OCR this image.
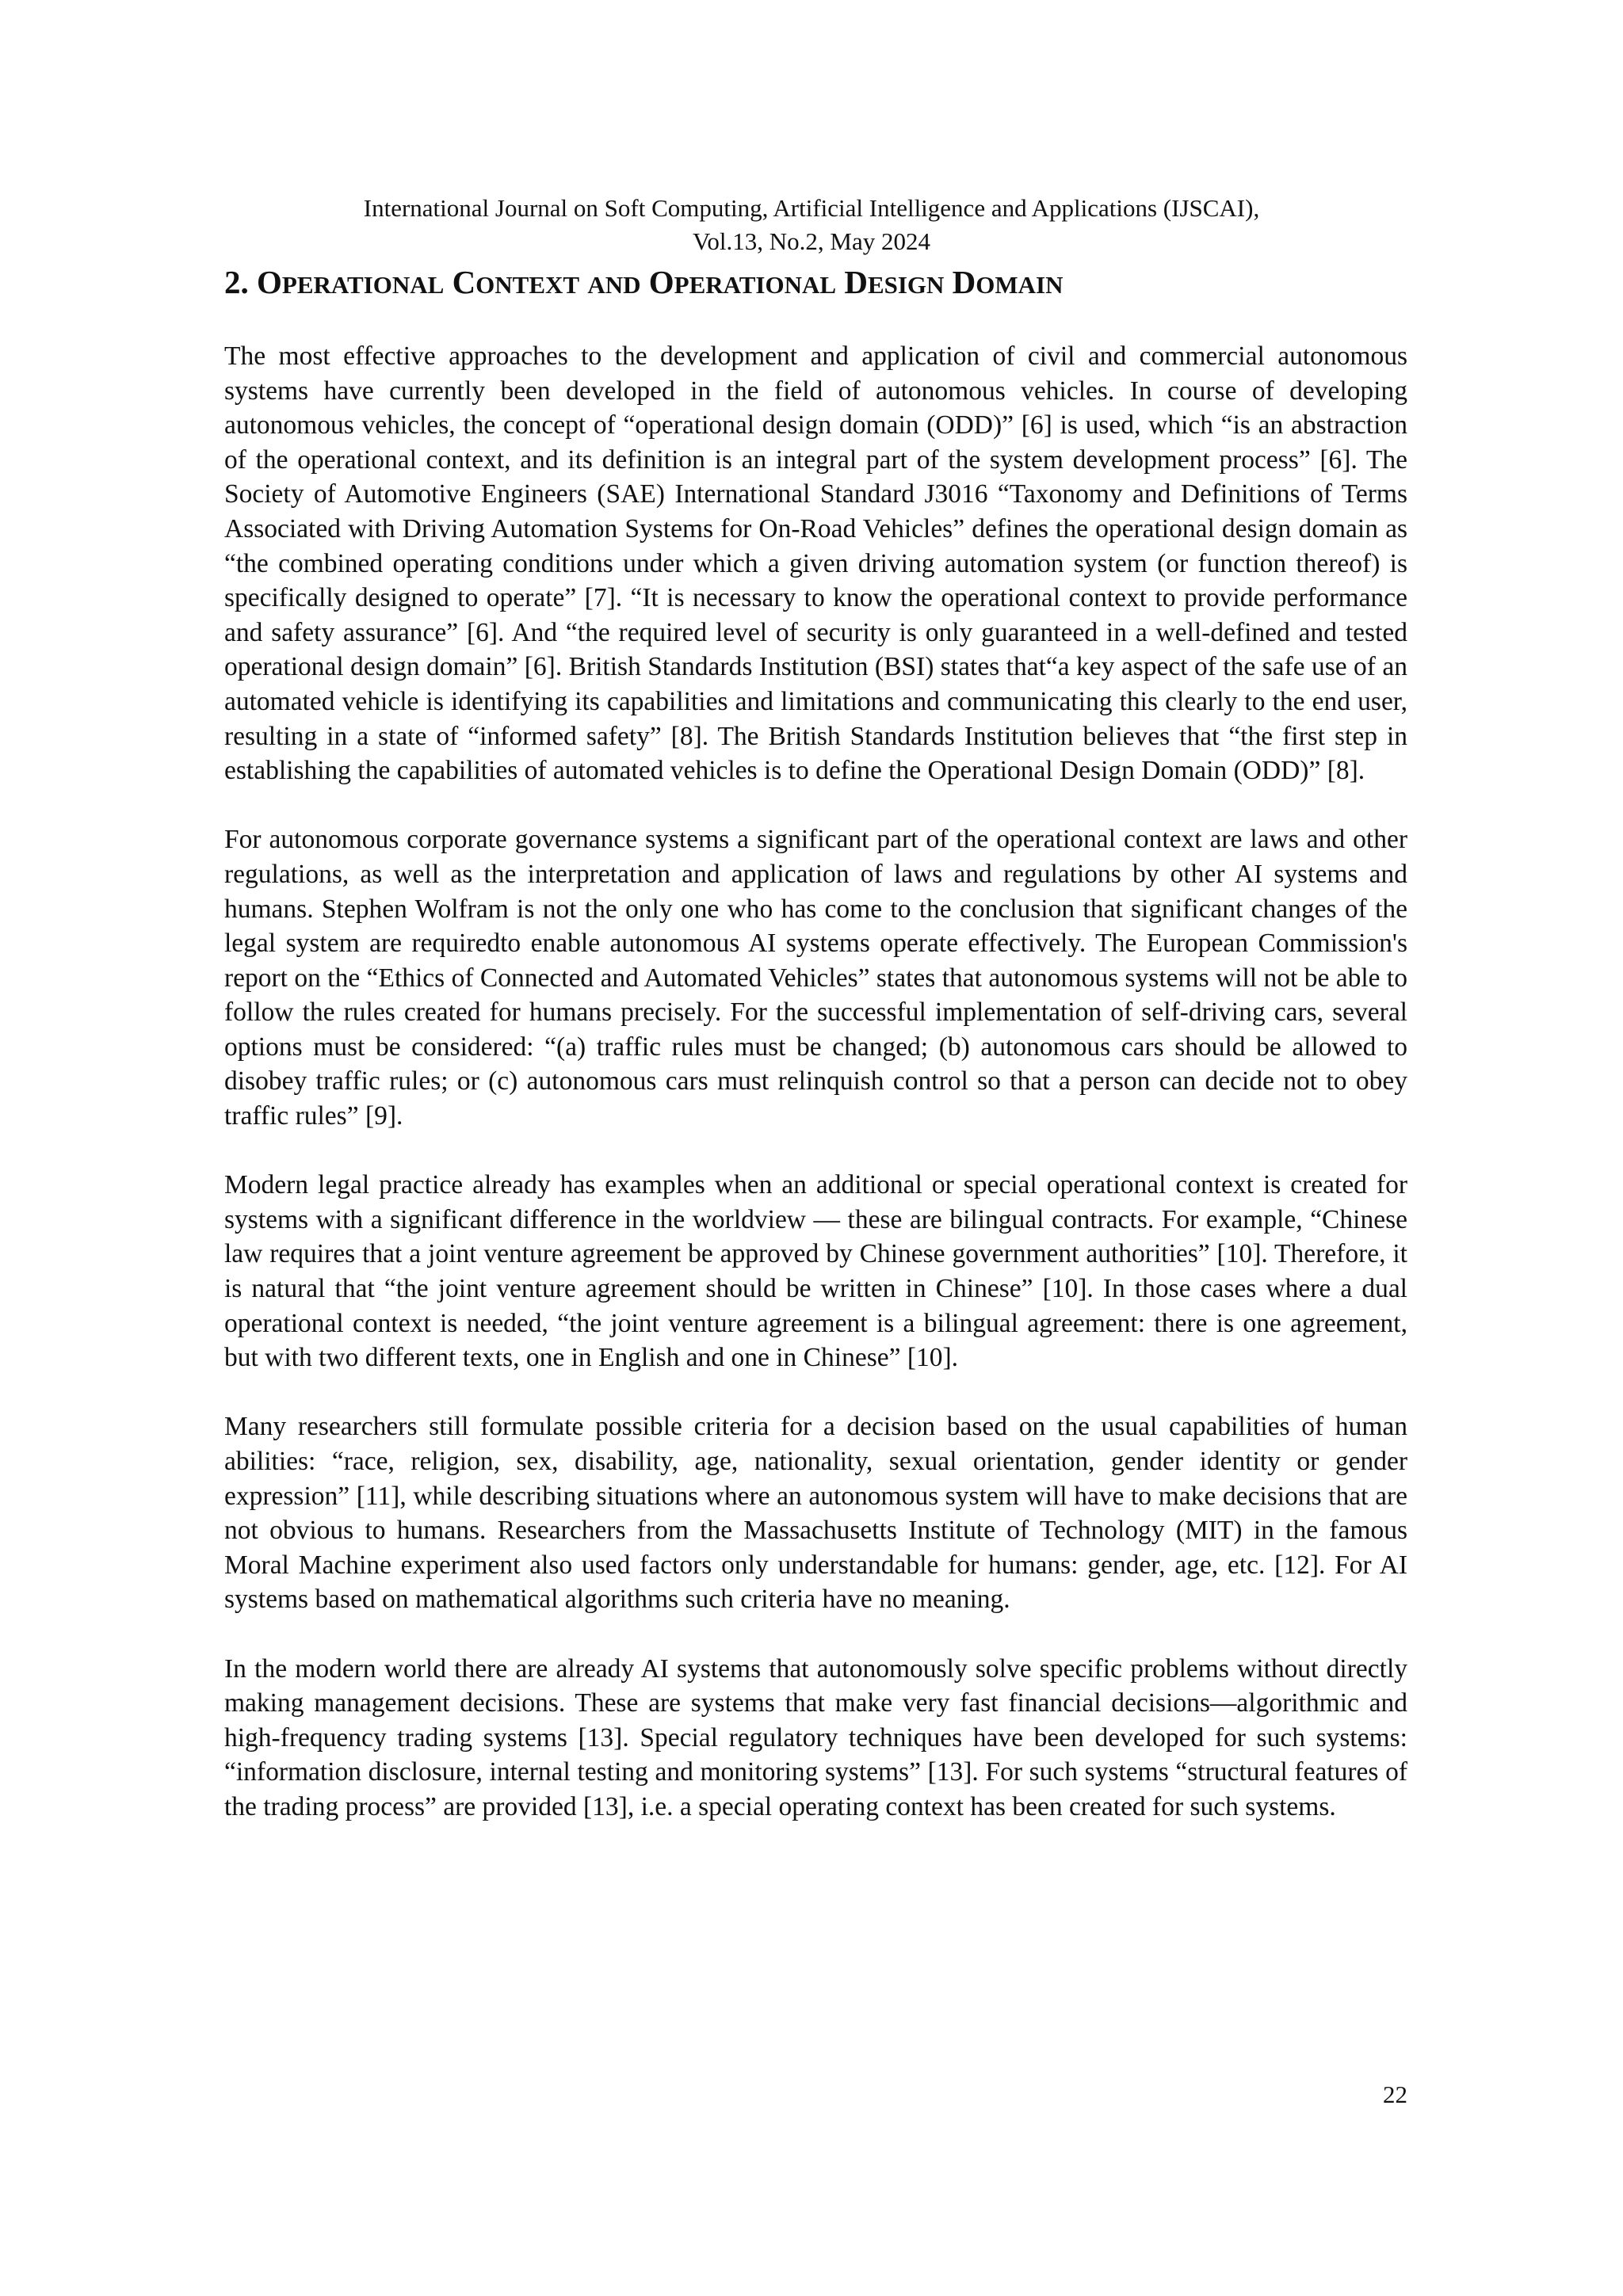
International Journal on Soft Computing, Artificial Intelligence and Applications (IJSCAI),
Vol.13, No.2, May 2024
2. OPERATIONAL CONTEXT AND OPERATIONAL DESIGN DOMAIN

The most effective approaches to the development and application of civil and commercial autonomous systems have currently been developed in the field of autonomous vehicles. In course of developing autonomous vehicles, the concept of “operational design domain (ODD)” [6] is used, which “is an abstraction of the operational context, and its definition is an integral part of the system development process” [6]. The Society of Automotive Engineers (SAE) International Standard J3016 “Taxonomy and Definitions of Terms Associated with Driving Automation Systems for On-Road Vehicles” defines the operational design domain as “the combined operating conditions under which a given driving automation system (or function thereof) is specifically designed to operate” [7]. “It is necessary to know the operational context to provide performance and safety assurance” [6]. And “the required level of security is only guaranteed in a well-defined and tested operational design domain” [6]. British Standards Institution (BSI) states that“a key aspect of the safe use of an automated vehicle is identifying its capabilities and limitations and communicating this clearly to the end user, resulting in a state of “informed safety” [8]. The British Standards Institution believes that “the first step in establishing the capabilities of automated vehicles is to define the Operational Design Domain (ODD)” [8].

For autonomous corporate governance systems a significant part of the operational context are laws and other regulations, as well as the interpretation and application of laws and regulations by other AI systems and humans. Stephen Wolfram is not the only one who has come to the conclusion that significant changes of the legal system are requiredto enable autonomous AI systems operate effectively. The European Commission's report on the “Ethics of Connected and Automated Vehicles” states that autonomous systems will not be able to follow the rules created for humans precisely. For the successful implementation of self-driving cars, several options must be considered: “(a) traffic rules must be changed; (b) autonomous cars should be allowed to disobey traffic rules; or (c) autonomous cars must relinquish control so that a person can decide not to obey traffic rules” [9].

Modern legal practice already has examples when an additional or special operational context is created for systems with a significant difference in the worldview — these are bilingual contracts. For example, “Chinese law requires that a joint venture agreement be approved by Chinese government authorities” [10]. Therefore, it is natural that “the joint venture agreement should be written in Chinese” [10]. In those cases where a dual operational context is needed, “the joint venture agreement is a bilingual agreement: there is one agreement, but with two different texts, one in English and one in Chinese” [10].

Many researchers still formulate possible criteria for a decision based on the usual capabilities of human abilities: “race, religion, sex, disability, age, nationality, sexual orientation, gender identity or gender expression” [11], while describing situations where an autonomous system will have to make decisions that are not obvious to humans. Researchers from the Massachusetts Institute of Technology (MIT) in the famous Moral Machine experiment also used factors only understandable for humans: gender, age, etc. [12]. For AI systems based on mathematical algorithms such criteria have no meaning.

In the modern world there are already AI systems that autonomously solve specific problems without directly making management decisions. These are systems that make very fast financial decisions—algorithmic and high-frequency trading systems [13]. Special regulatory techniques have been developed for such systems: “information disclosure, internal testing and monitoring systems” [13]. For such systems “structural features of the trading process” are provided [13], i.e. a special operating context has been created for such systems.

22
